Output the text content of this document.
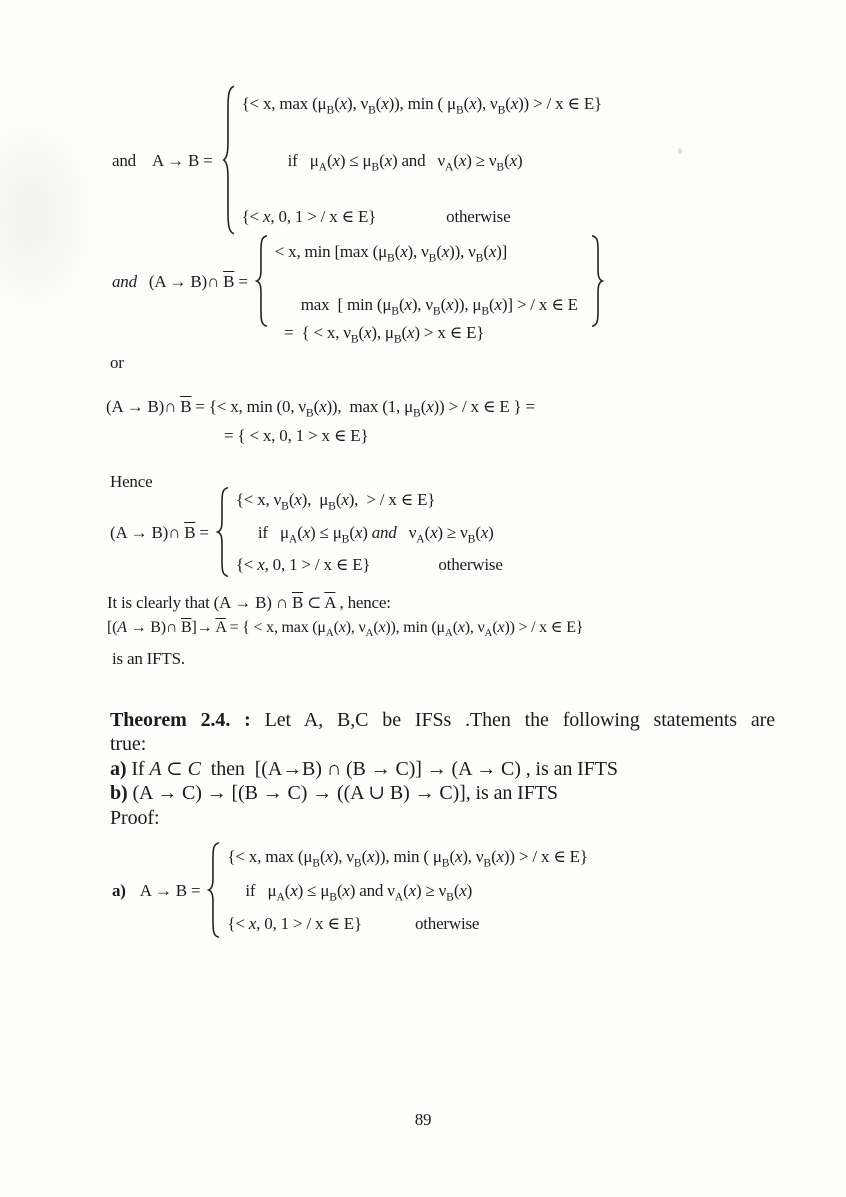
and A → B =
{< x, $\max (\mu_B(x)$, $\nu_B(x)$), min ( $\mu_B(x)$, $\nu_B(x)$) > / x ∈ E}
if   $\mu_A(x) \le \mu_B(x)$ and   $\nu_A(x) \ge \nu_B(x)$
{< x, 0, 1 > / x ∈ E}	otherwise
and (A → B)∩ $\overline{B}$ =
< x, min [max ($\mu_B(x)$, $\nu_B(x)$), $\nu_B(x)$]
max  [ $\min (\mu_B(x)$, $\nu_B(x)$), $\mu_B(x)$] > / x ∈ E
=  { < x, $\nu_B(x)$, $\mu_B(x) > x$ ∈ E}
or
(A → B)∩ $\overline{B}$ = {< x, min (0, $\nu_B(x)$),  max (1, $\mu_B(x)$) > / x ∈ E } =
= { < x, 0, 1 > x ∈ E}
Hence
(A → B)∩ $\overline{B}$ =
{< x, $\nu_B(x)$,  $\mu_B(x)$,  > / x ∈ E}
if   $\mu_A(x) \le \mu_B(x)$ and   $\nu_A(x) \ge \nu_B(x)$
{< x, 0, 1 > / x ∈ E}	otherwise
It is clearly that (A → B) ∩ $\overline{B}$ ⊂ $\overline{A}$ , hence:
[(A → B)∩ $\overline{B}]\to \overline{A}$ = { < x, $\max (\mu_A(x)$, $\nu_A(x)$), $\min (\mu_A(x)$, $\nu_A(x)$) > / x ∈ E}
is an IFTS.
Theorem 2.4. : Let A, B,C be IFSs .Then the following statements are
true:
a) If A ⊂ C then [(A→B) ∩ (B → C)] → (A → C) , is an IFTS
b) (A → C) → [(B → C) → ((A ∪ B) → C)], is an IFTS
Proof:
a) A → B =
{< x, $\max (\mu_B(x)$, $\nu_B(x)$), min ( $\mu_B(x)$, $\nu_B(x)$) > / x ∈ E}
if   $\mu_A(x) \le \mu_B(x)$ and $\nu_A(x) \ge \nu_B(x)$
{< x, 0, 1 > / x ∈ E}	otherwise
89
